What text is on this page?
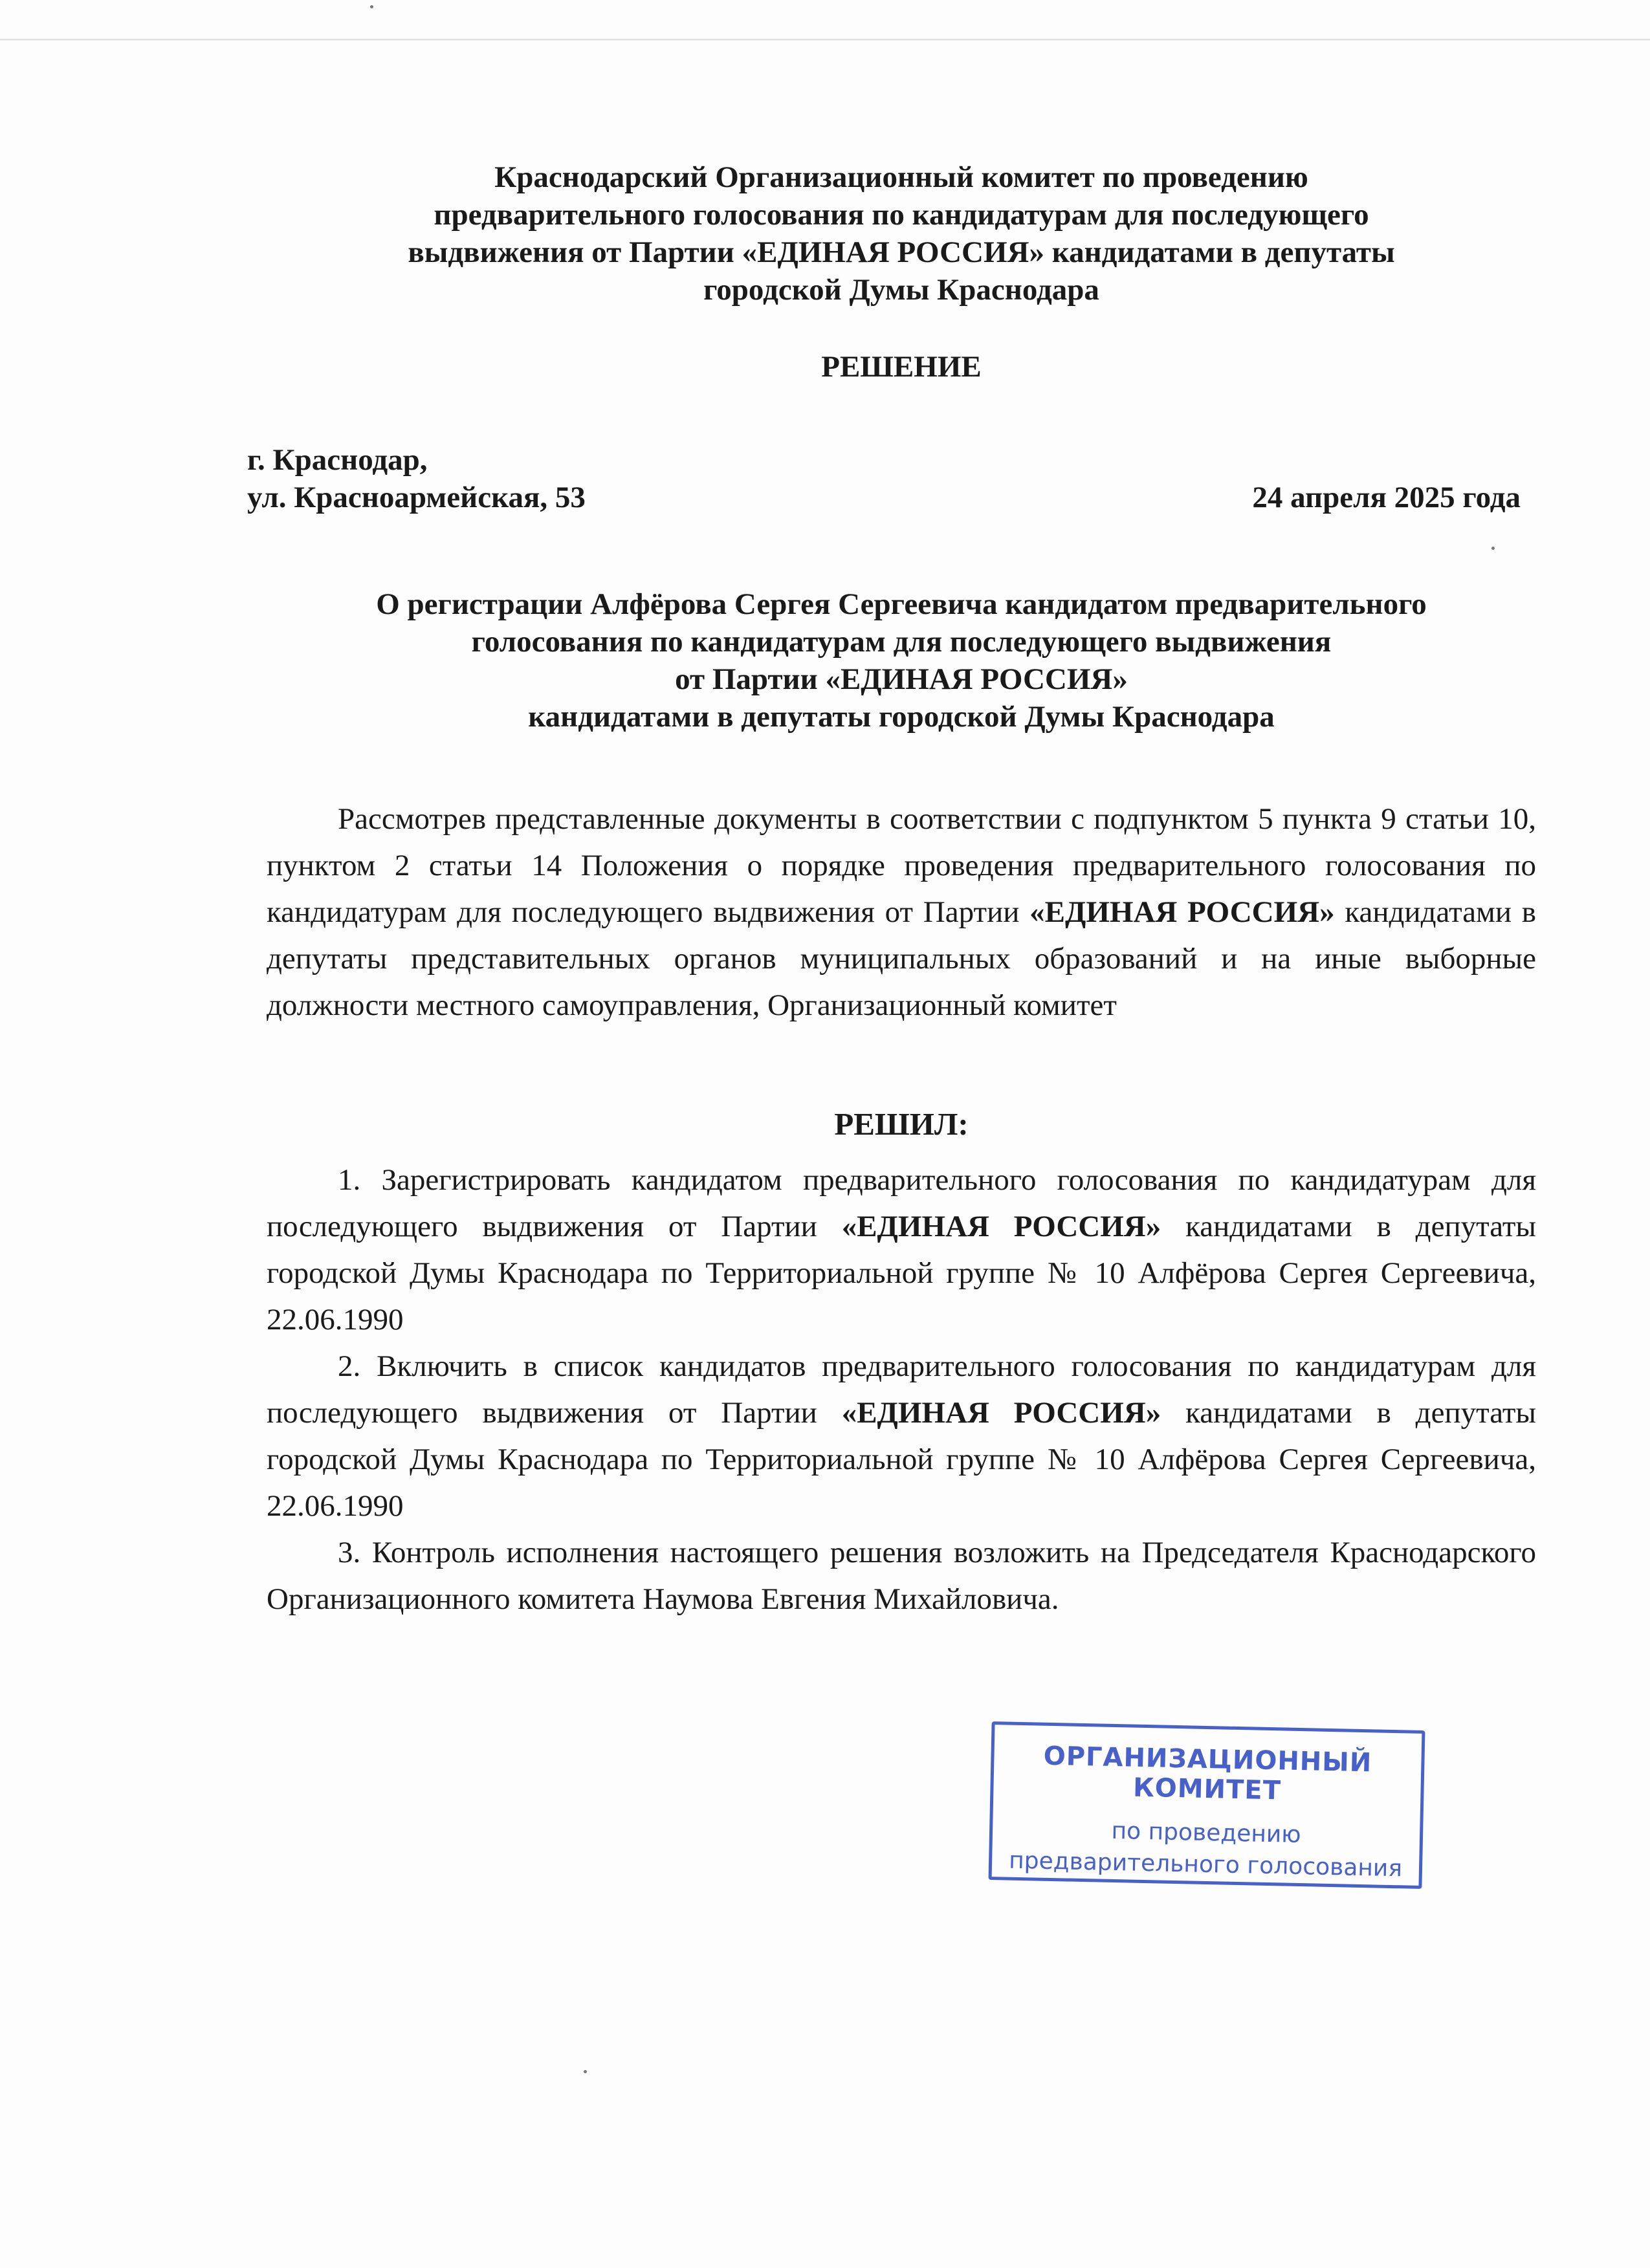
Краснодарский Организационный комитет по проведению
предварительного голосования по кандидатурам для последующего
выдвижения от Партии «ЕДИНАЯ РОССИЯ» кандидатами в депутаты
городской Думы Краснодара
РЕШЕНИЕ
г. Краснодар,
ул. Красноармейская, 53	24 апреля 2025 года
О регистрации Алфёрова Сергея Сергеевича кандидатом предварительного
голосования по кандидатурам для последующего выдвижения
от Партии «ЕДИНАЯ РОССИЯ»
кандидатами в депутаты городской Думы Краснодара
Рассмотрев представленные документы в соответствии с подпунктом 5 пункта 9 статьи 10, пунктом 2 статьи 14 Положения о порядке проведения предварительного голосования по кандидатурам для последующего выдвижения от Партии «ЕДИНАЯ РОССИЯ» кандидатами в депутаты представительных органов муниципальных образований и на иные выборные должности местного самоуправления, Организационный комитет
РЕШИЛ:

1. Зарегистрировать кандидатом предварительного голосования по кандидатурам для последующего выдвижения от Партии «ЕДИНАЯ РОССИЯ» кандидатами в депутаты городской Думы Краснодара по Территориальной группе № 10 Алфёрова Сергея Сергеевича, 22.06.1990

2. Включить в список кандидатов предварительного голосования по кандидатурам для последующего выдвижения от Партии «ЕДИНАЯ РОССИЯ» кандидатами в депутаты городской Думы Краснодара по Территориальной группе № 10 Алфёрова Сергея Сергеевича, 22.06.1990

3. Контроль исполнения настоящего решения возложить на Председателя Краснодарского Организационного комитета Наумова Евгения Михайловича.

ОРГАНИЗАЦИОННЫЙ КОМИТЕТ
по проведению
предварительного голосования
